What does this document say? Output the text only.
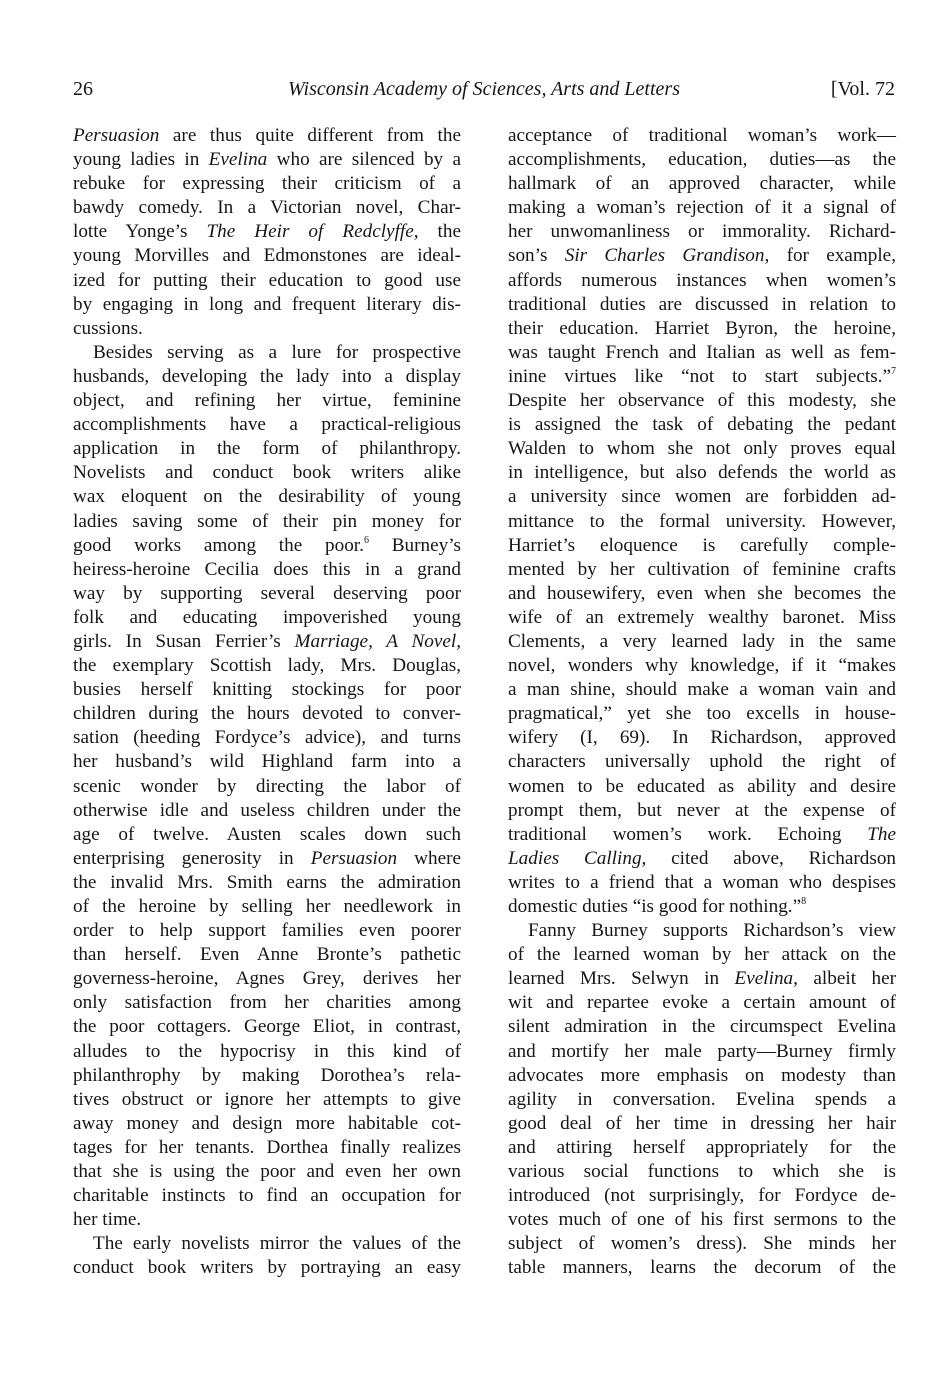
26	Wisconsin Academy of Sciences, Arts and Letters	[Vol. 72
Persuasion are thus quite different from the
young ladies in Evelina who are silenced by a
rebuke for expressing their criticism of a
bawdy comedy. In a Victorian novel, Char-
lotte Yonge’s The Heir of Redclyffe, the
young Morvilles and Edmonstones are ideal-
ized for putting their education to good use
by engaging in long and frequent literary dis-
cussions.
Besides serving as a lure for prospective
husbands, developing the lady into a display
object, and refining her virtue, feminine
accomplishments have a practical-religious
application in the form of philanthropy.
Novelists and conduct book writers alike
wax eloquent on the desirability of young
ladies saving some of their pin money for
good works among the poor.$^6$ Burney’s
heiress-heroine Cecilia does this in a grand
way by supporting several deserving poor
folk and educating impoverished young
girls. In Susan Ferrier’s Marriage, A Novel,
the exemplary Scottish lady, Mrs. Douglas,
busies herself knitting stockings for poor
children during the hours devoted to conver-
sation (heeding Fordyce’s advice), and turns
her husband’s wild Highland farm into a
scenic wonder by directing the labor of
otherwise idle and useless children under the
age of twelve. Austen scales down such
enterprising generosity in Persuasion where
the invalid Mrs. Smith earns the admiration
of the heroine by selling her needlework in
order to help support families even poorer
than herself. Even Anne Bronte’s pathetic
governess-heroine, Agnes Grey, derives her
only satisfaction from her charities among
the poor cottagers. George Eliot, in contrast,
alludes to the hypocrisy in this kind of
philanthrophy by making Dorothea’s rela-
tives obstruct or ignore her attempts to give
away money and design more habitable cot-
tages for her tenants. Dorthea finally realizes
that she is using the poor and even her own
charitable instincts to find an occupation for
her time.
The early novelists mirror the values of the
conduct book writers by portraying an easy
acceptance of traditional woman’s work—
accomplishments, education, duties—as the
hallmark of an approved character, while
making a woman’s rejection of it a signal of
her unwomanliness or immorality. Richard-
son’s Sir Charles Grandison, for example,
affords numerous instances when women’s
traditional duties are discussed in relation to
their education. Harriet Byron, the heroine,
was taught French and Italian as well as fem-
inine virtues like “not to start subjects.”$^7$
Despite her observance of this modesty, she
is assigned the task of debating the pedant
Walden to whom she not only proves equal
in intelligence, but also defends the world as
a university since women are forbidden ad-
mittance to the formal university. However,
Harriet’s eloquence is carefully comple-
mented by her cultivation of feminine crafts
and housewifery, even when she becomes the
wife of an extremely wealthy baronet. Miss
Clements, a very learned lady in the same
novel, wonders why knowledge, if it “makes
a man shine, should make a woman vain and
pragmatical,” yet she too excells in house-
wifery (I, 69). In Richardson, approved
characters universally uphold the right of
women to be educated as ability and desire
prompt them, but never at the expense of
traditional women’s work. Echoing The
Ladies Calling, cited above, Richardson
writes to a friend that a woman who despises
domestic duties “is good for nothing.”$^8$
Fanny Burney supports Richardson’s view
of the learned woman by her attack on the
learned Mrs. Selwyn in Evelina, albeit her
wit and repartee evoke a certain amount of
silent admiration in the circumspect Evelina
and mortify her male party—Burney firmly
advocates more emphasis on modesty than
agility in conversation. Evelina spends a
good deal of her time in dressing her hair
and attiring herself appropriately for the
various social functions to which she is
introduced (not surprisingly, for Fordyce de-
votes much of one of his first sermons to the
subject of women’s dress). She minds her
table manners, learns the decorum of the
